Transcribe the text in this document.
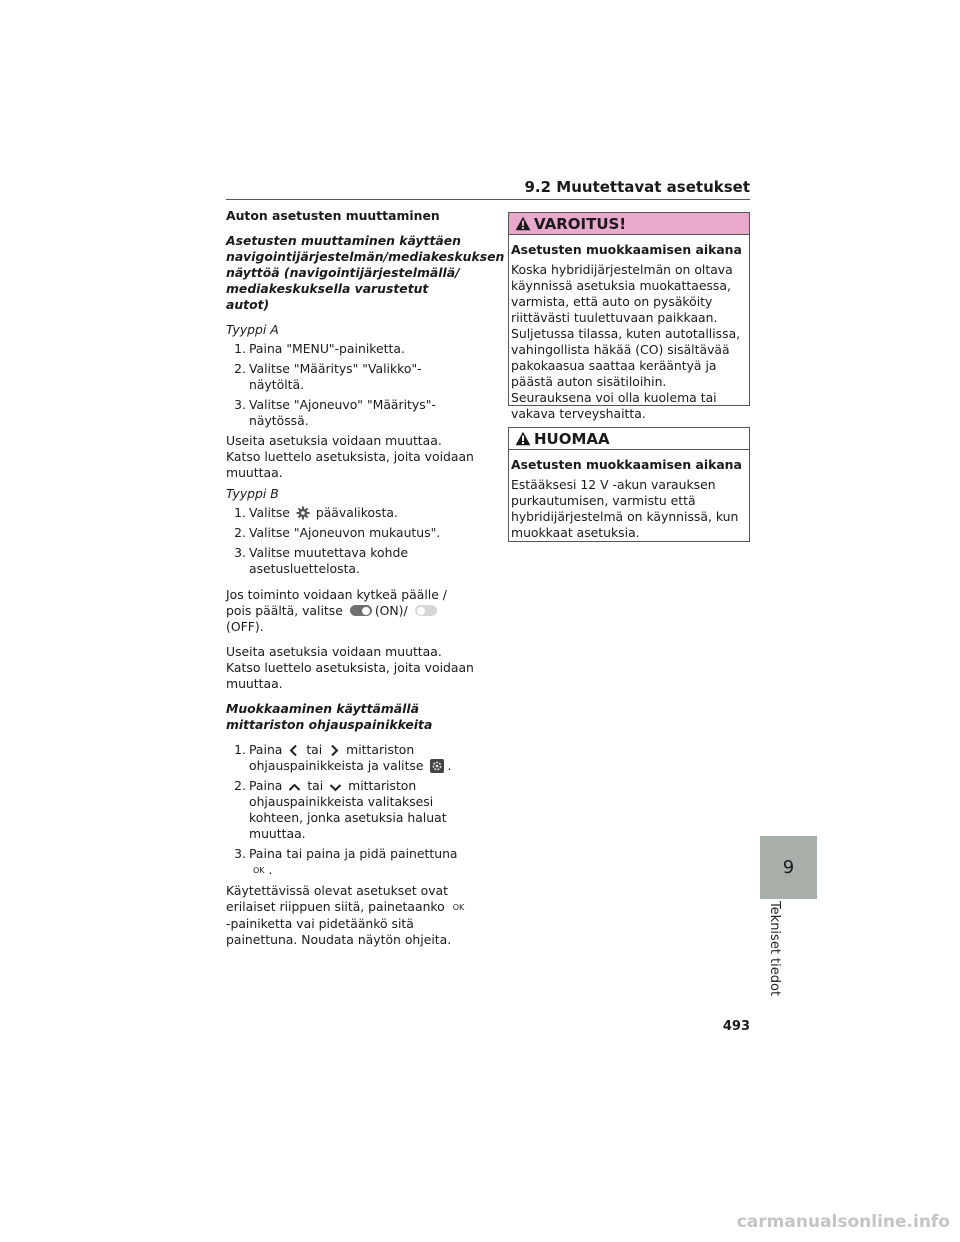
9.2 Muutettavat asetukset

Auton asetusten muuttaminen

Asetusten muuttaminen käyttäen navigointijärjestelmän/mediakeskuksen näyttöä (navigointijärjestelmällä/ mediakeskuksella varustetut autot)

Tyyppi A

1. Paina "MENU"-painiketta.
2. Valitse "Määritys" "Valikko"-näytöltä.
3. Valitse "Ajoneuvo" "Määritys"-näytössä.

Useita asetuksia voidaan muuttaa. Katso luettelo asetuksista, joita voidaan muuttaa.

Tyyppi B

1. Valitse päävalikosta.
2. Valitse "Ajoneuvon mukautus".
3. Valitse muutettava kohde asetusluettelosta.

Jos toiminto voidaan kytkeä päälle / pois päältä, valitse	(ON)/
(OFF).

Useita asetuksia voidaan muuttaa. Katso luettelo asetuksista, joita voidaan muuttaa.

Muokkaaminen käyttämällä mittariston ohjauspainikkeita

1. Paina tai mittariston ohjauspainikkeista ja valitse .
2. Paina tai mittariston ohjauspainikkeista valitaksesi kohteen, jonka asetuksia haluat muuttaa.
3. Paina tai paina ja pidä painettuna OK .

Käytettävissä olevat asetukset ovat erilaiset riippuen siitä, painetaanko OK -painiketta vai pidetäänkö sitä painettuna. Noudata näytön ohjeita.

VAROITUS!

Asetusten muokkaamisen aikana

Koska hybridijärjestelmän on oltava käynnissä asetuksia muokattaessa, varmista, että auto on pysäköity riittävästi tuulettuvaan paikkaan. Suljetussa tilassa, kuten autotallissa, vahingollista häkää (CO) sisältävää pakokaasua saattaa kerääntyä ja päästä auton sisätiloihin. Seurauksena voi olla kuolema tai vakava terveyshaitta.

HUOMAA

Asetusten muokkaamisen aikana

Estääksesi 12 V -akun varauksen purkautumisen, varmistu että hybridijärjestelmä on käynnissä, kun muokkaat asetuksia.

9
Tekniset tiedot
493
carmanualsonline.info
